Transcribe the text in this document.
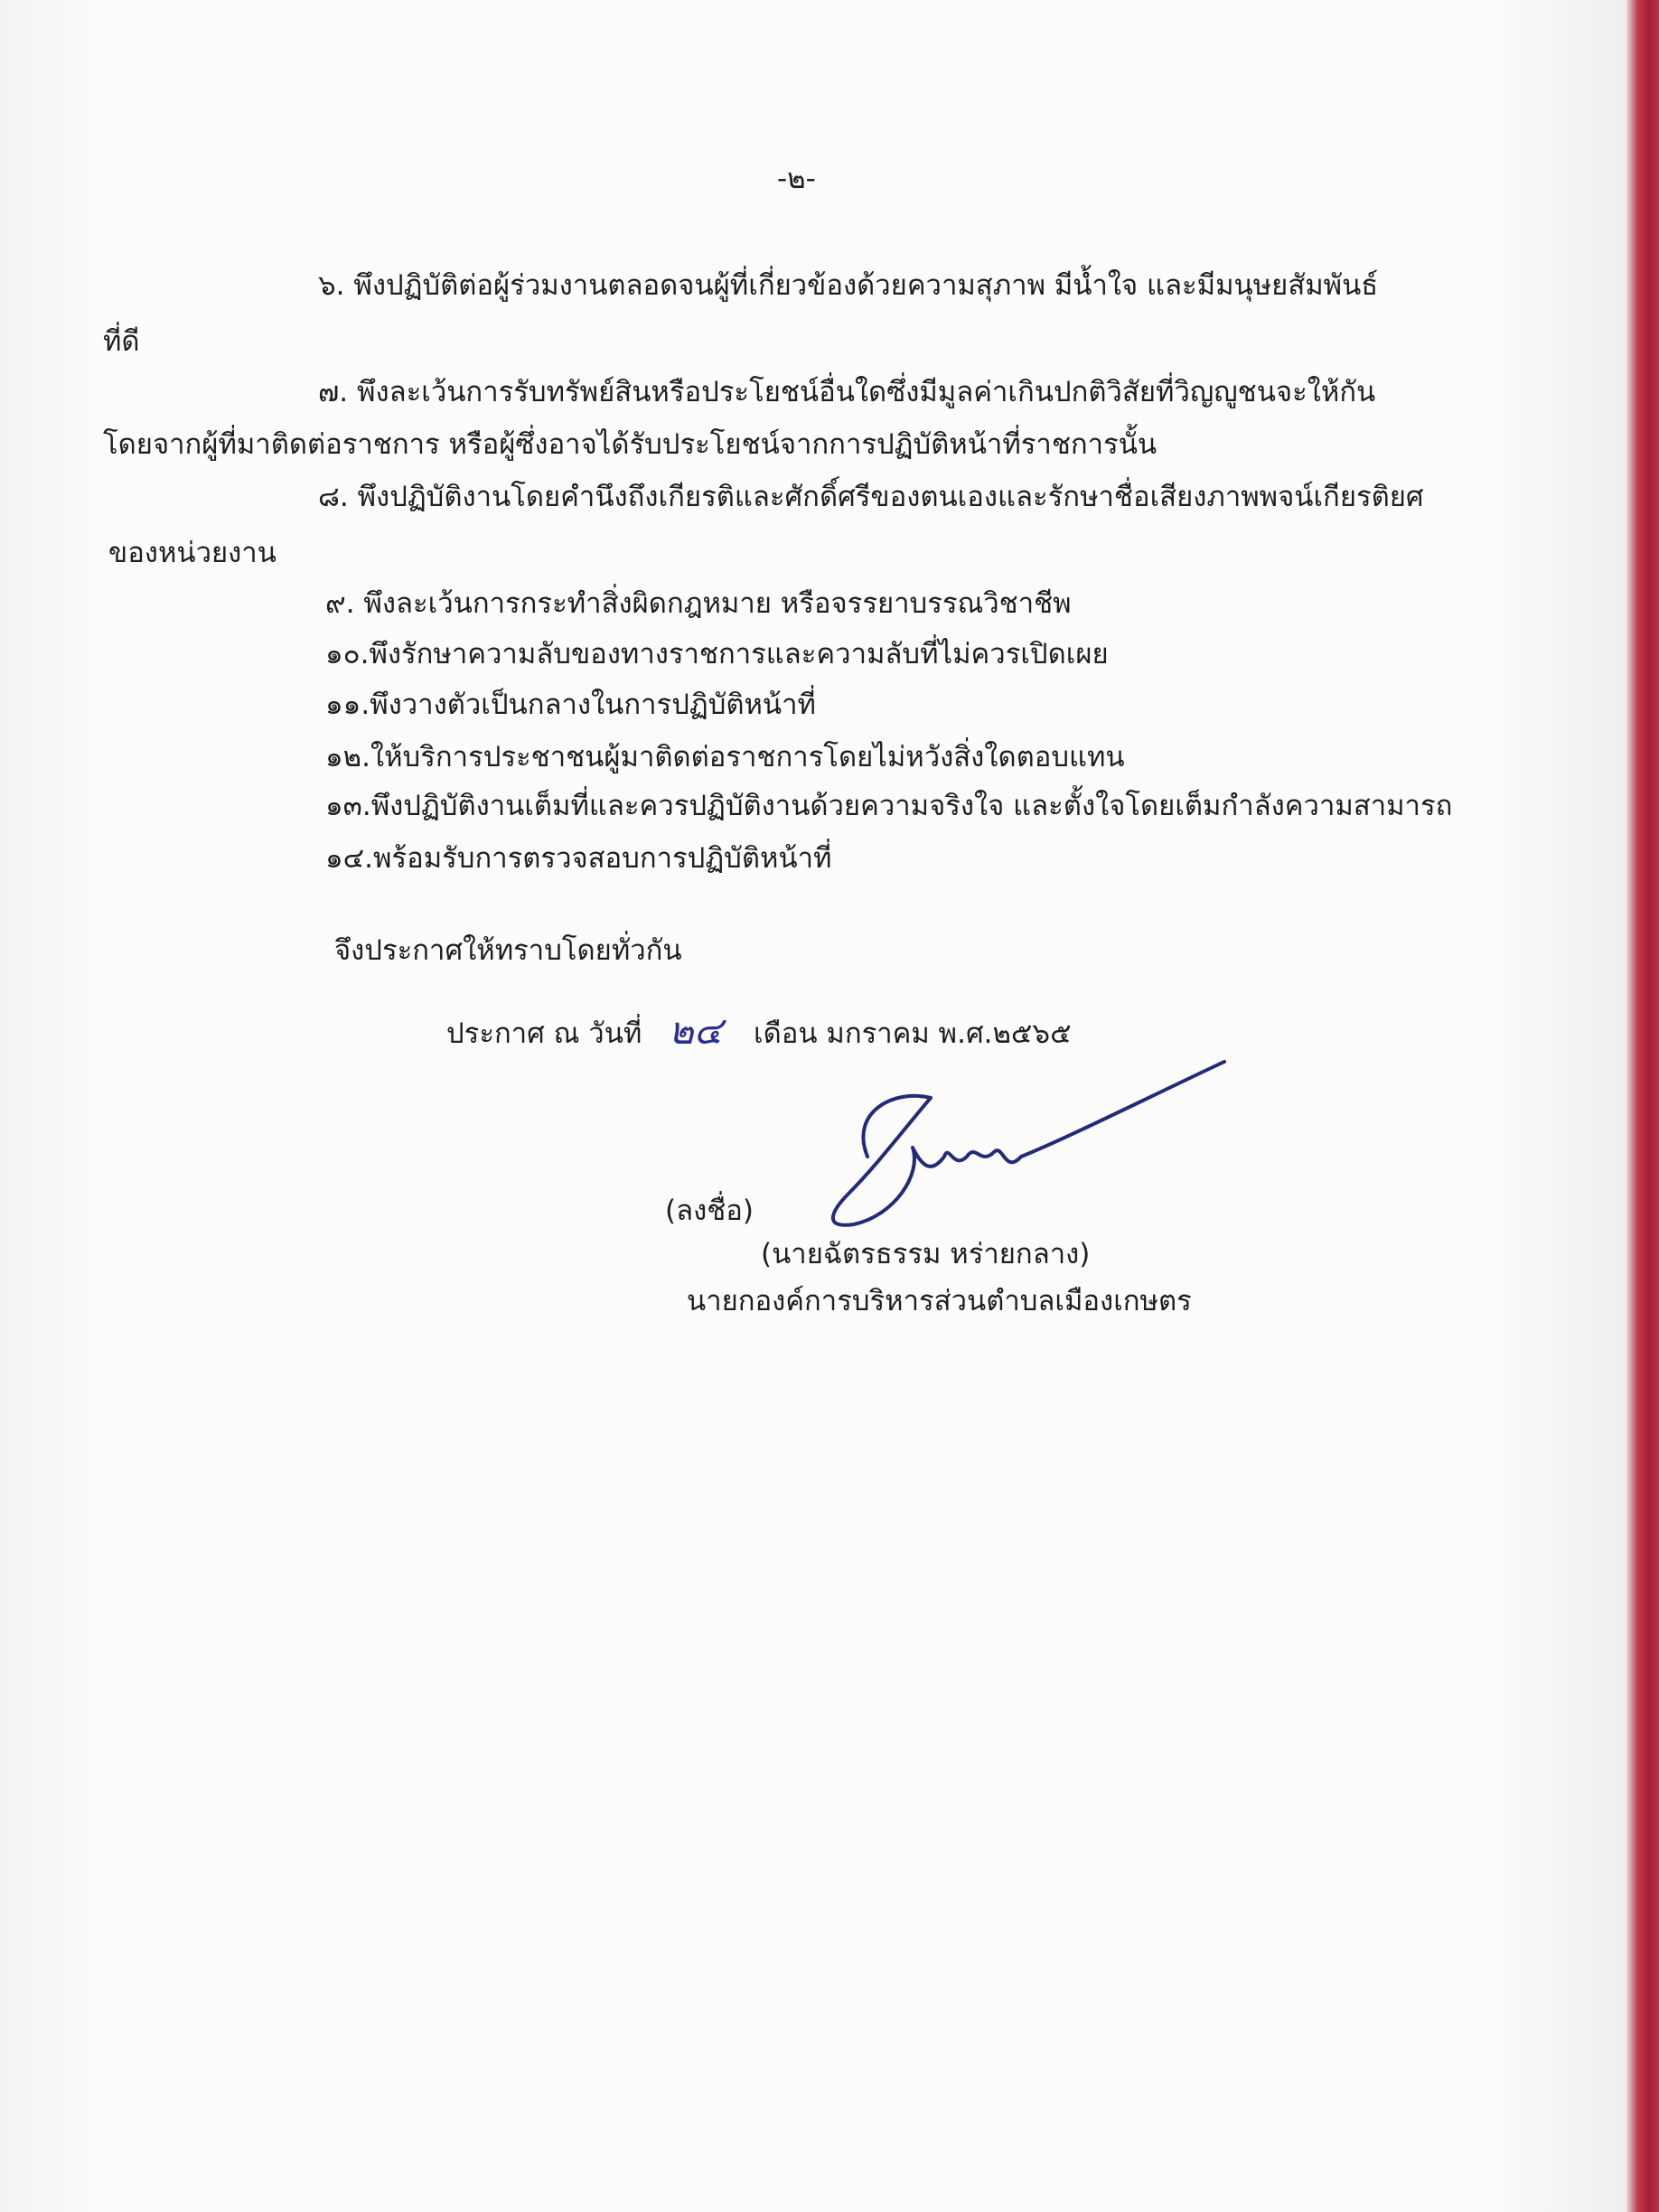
-๒-
๖. พึงปฏิบัติต่อผู้ร่วมงานตลอดจนผู้ที่เกี่ยวข้องด้วยความสุภาพ มีน้ำใจ และมีมนุษยสัมพันธ์
ที่ดี
๗. พึงละเว้นการรับทรัพย์สินหรือประโยชน์อื่นใดซึ่งมีมูลค่าเกินปกติวิสัยที่วิญญูชนจะให้กัน
โดยจากผู้ที่มาติดต่อราชการ หรือผู้ซึ่งอาจได้รับประโยชน์จากการปฏิบัติหน้าที่ราชการนั้น
๘. พึงปฏิบัติงานโดยคำนึงถึงเกียรติและศักดิ์ศรีของตนเองและรักษาชื่อเสียงภาพพจน์เกียรติยศ
ของหน่วยงาน
๙. พึงละเว้นการกระทำสิ่งผิดกฎหมาย หรือจรรยาบรรณวิชาชีพ
๑๐.พึงรักษาความลับของทางราชการและความลับที่ไม่ควรเปิดเผย
๑๑.พึงวางตัวเป็นกลางในการปฏิบัติหน้าที่
๑๒.ให้บริการประชาชนผู้มาติดต่อราชการโดยไม่หวังสิ่งใดตอบแทน
๑๓.พึงปฏิบัติงานเต็มที่และควรปฏิบัติงานด้วยความจริงใจ และตั้งใจโดยเต็มกำลังความสามารถ
๑๔.พร้อมรับการตรวจสอบการปฏิบัติหน้าที่
จึงประกาศให้ทราบโดยทั่วกัน
ประกาศ ณ วันที่ ๒๔ เดือน มกราคม พ.ศ.๒๕๖๕
(ลงชื่อ)
(นายฉัตรธรรม หร่ายกลาง)
นายกองค์การบริหารส่วนตำบลเมืองเกษตร
